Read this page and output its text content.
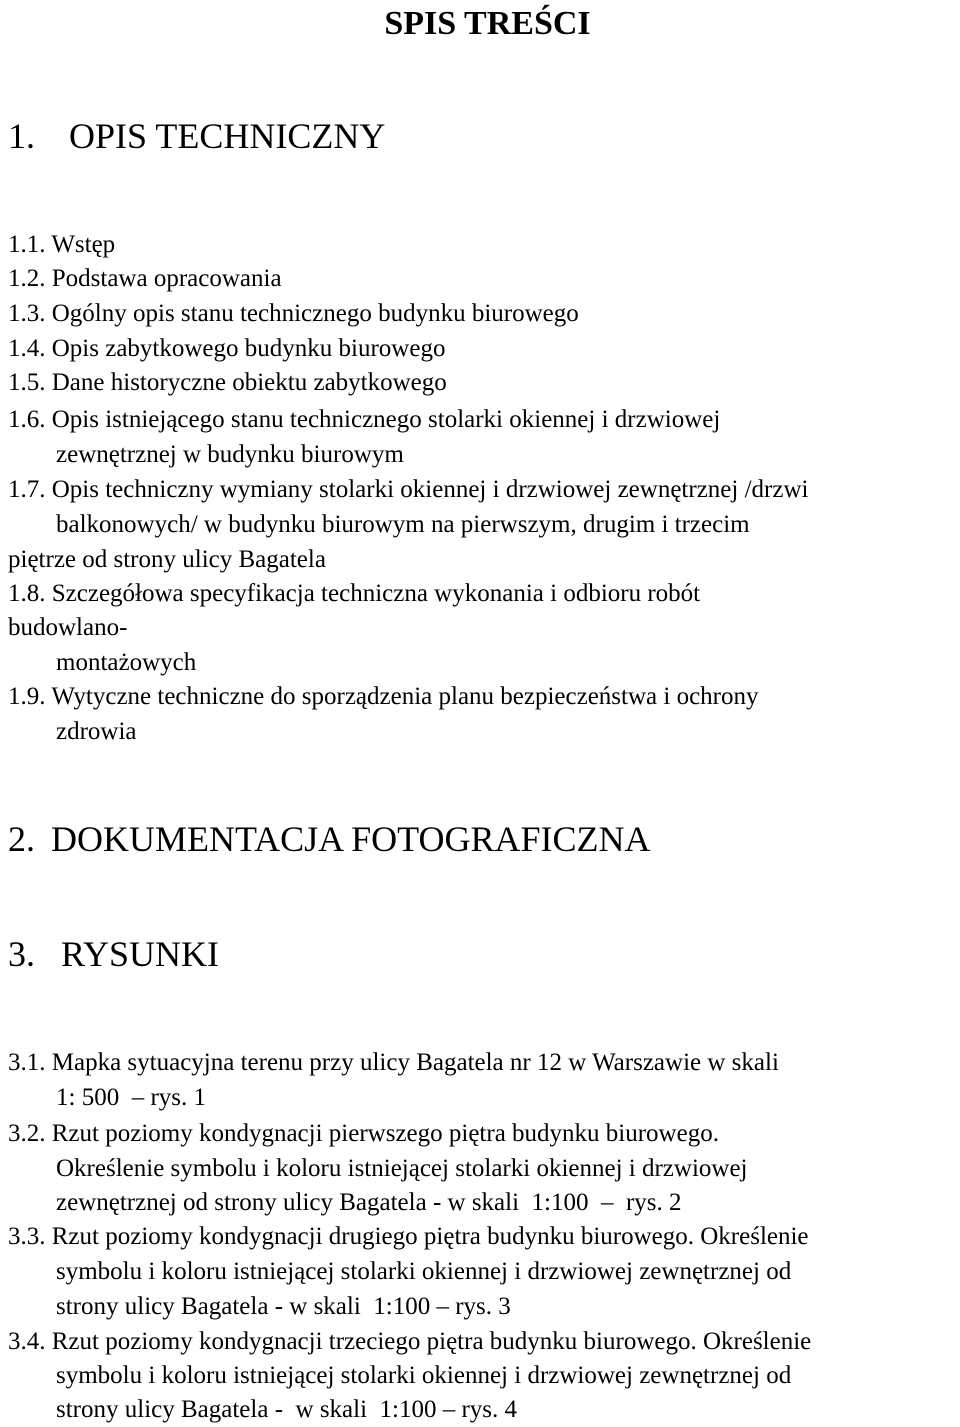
SPIS TREŚCI
1. OPIS TECHNICZNY
1.1. Wstęp
1.2. Podstawa opracowania
1.3. Ogólny opis stanu technicznego budynku biurowego
1.4. Opis zabytkowego budynku biurowego
1.5. Dane historyczne obiektu zabytkowego
1.6. Opis istniejącego stanu technicznego stolarki okiennej i drzwiowej
zewnętrznej w budynku biurowym
1.7. Opis techniczny wymiany stolarki okiennej i drzwiowej zewnętrznej /drzwi
balkonowych/ w budynku biurowym na pierwszym, drugim i trzecim
piętrze od strony ulicy Bagatela
1.8. Szczegółowa specyfikacja techniczna wykonania i odbioru robót
budowlano-
montażowych
1.9. Wytyczne techniczne do sporządzenia planu bezpieczeństwa i ochrony
zdrowia
2. DOKUMENTACJA FOTOGRAFICZNA
3. RYSUNKI
3.1. Mapka sytuacyjna terenu przy ulicy Bagatela nr 12 w Warszawie w skali
1: 500  – rys. 1
3.2. Rzut poziomy kondygnacji pierwszego piętra budynku biurowego.
Określenie symbolu i koloru istniejącej stolarki okiennej i drzwiowej
zewnętrznej od strony ulicy Bagatela - w skali  1:100  –  rys. 2
3.3. Rzut poziomy kondygnacji drugiego piętra budynku biurowego. Określenie
symbolu i koloru istniejącej stolarki okiennej i drzwiowej zewnętrznej od
strony ulicy Bagatela - w skali  1:100 – rys. 3
3.4. Rzut poziomy kondygnacji trzeciego piętra budynku biurowego. Określenie
symbolu i koloru istniejącej stolarki okiennej i drzwiowej zewnętrznej od
strony ulicy Bagatela -  w skali  1:100 – rys. 4
